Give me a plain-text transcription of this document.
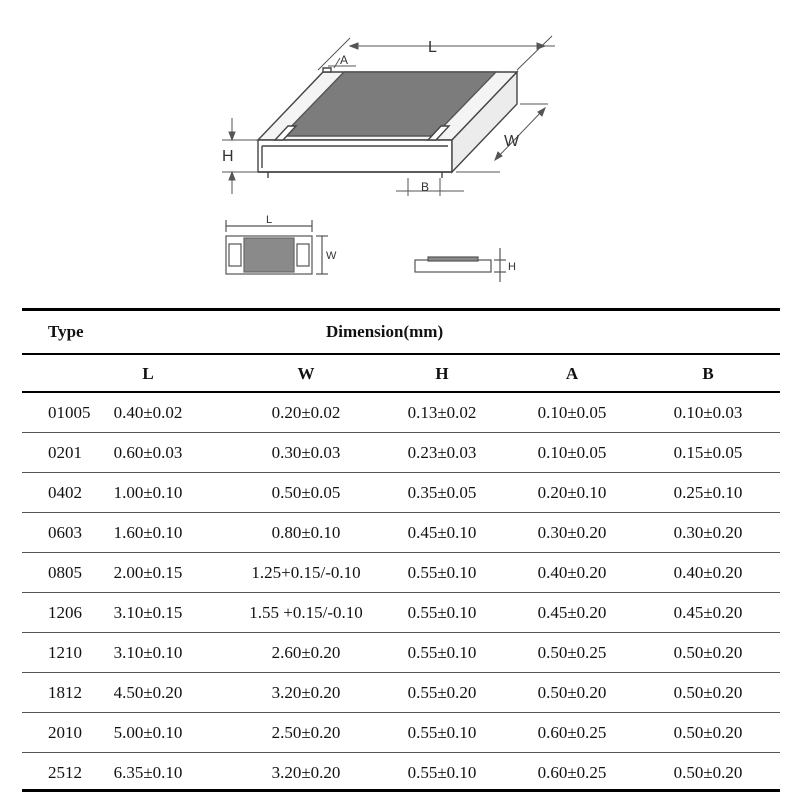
L
A
W
H
B
L
W
H
Type	Dimension(mm)
L	W	H	A	B
01005 0.40±0.02	0.20±0.02	0.13±0.02	0.10±0.05	0.10±0.03
0201 0.60±0.03	0.30±0.03	0.23±0.03	0.10±0.05	0.15±0.05
0402 1.00±0.10	0.50±0.05	0.35±0.05	0.20±0.10	0.25±0.10
0603 1.60±0.10	0.80±0.10	0.45±0.10	0.30±0.20	0.30±0.20
0805 2.00±0.15	1.25+0.15/-0.10	0.55±0.10	0.40±0.20	0.40±0.20
1206 3.10±0.15	1.55 +0.15/-0.10	0.55±0.10	0.45±0.20	0.45±0.20
1210 3.10±0.10	2.60±0.20	0.55±0.10	0.50±0.25	0.50±0.20
1812 4.50±0.20	3.20±0.20	0.55±0.20	0.50±0.20	0.50±0.20
2010 5.00±0.10	2.50±0.20	0.55±0.10	0.60±0.25	0.50±0.20
2512 6.35±0.10	3.20±0.20	0.55±0.10	0.60±0.25	0.50±0.20
